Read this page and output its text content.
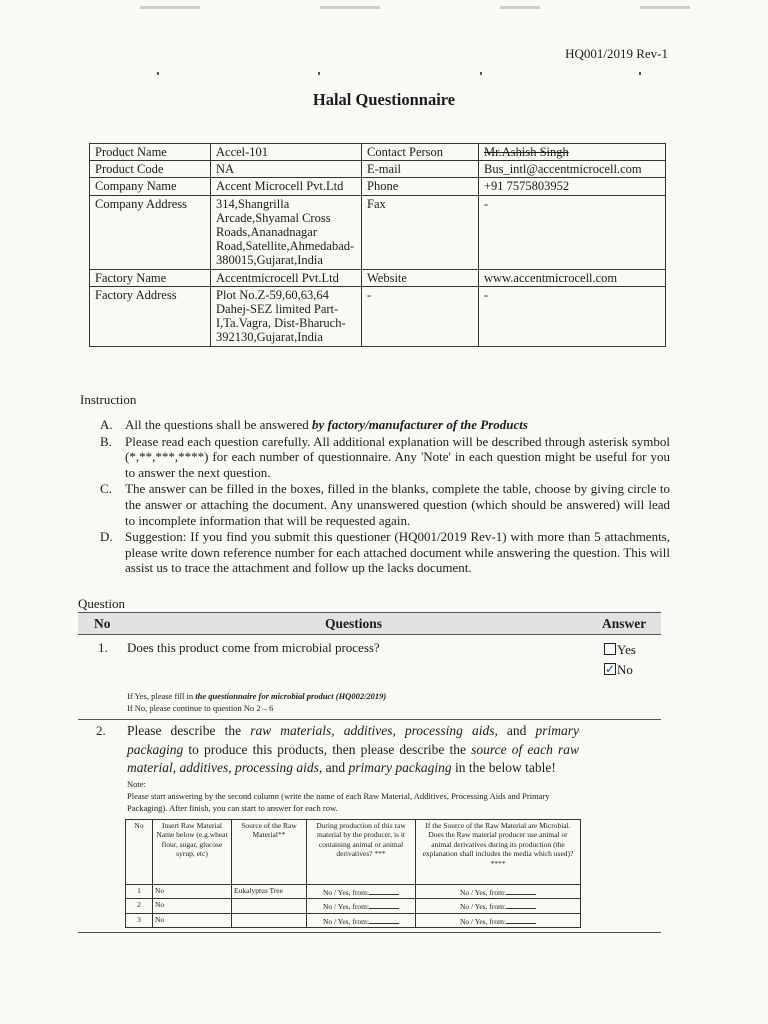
HQ001/2019 Rev-1
Halal Questionnaire
Product Name	Accel-101	Contact Person	Mr.Ashish Singh
Product Code	NA	E-mail	Bus_intl@accentmicrocell.com
Company Name	Accent Microcell Pvt.Ltd	Phone	+91 7575803952
Company Address	314,Shangrilla
Arcade,Shyamal Cross
Roads,Ananadnagar
Road,Satellite,Ahmedabad-
380015,Gujarat,India	Fax	-
Factory Name	Accentmicrocell Pvt.Ltd	Website	www.accentmicrocell.com
Factory Address	Plot No.Z-59,60,63,64
Dahej-SEZ limited Part-
I,Ta.Vagra, Dist-Bharuch-
392130,Gujarat,India	-	-
Instruction
A. All the questions shall be answered by factory/manufacturer of the Products
B. Please read each question carefully. All additional explanation will be described through asterisk symbol (*,**,***,****) for each number of questionnaire. Any 'Note' in each question might be useful for you to answer the next question.
C. The answer can be filled in the boxes, filled in the blanks, complete the table, choose by giving circle to the answer or attaching the document. Any unanswered question (which should be answered) will lead to incomplete information that will be requested again.
D. Suggestion: If you find you submit this questioner (HQ001/2019 Rev-1) with more than 5 attachments, please write down reference number for each attached document while answering the question. This will assist us to trace the attachment and follow up the lacks document.
Question
No	Questions	Answer
1. Does this product come from microbial process?	Yes
✓No
If Yes, please fill in the questionnaire for microbial product (HQ002/2019)
If No, please continue to question No 2 – 6
2. Please describe the raw materials, additives, processing aids, and primary packaging to produce this products, then please describe the source of each raw material, additives, processing aids, and primary packaging in the below table!
Note:
Please start answering by the second column (write the name of each Raw Material, Additives, Processing Aids and Primary Packaging). After finish, you can start to answer for each row.
No	Insert Raw Material Name below (e.g.wheat flour, sugar, glucose syrup, etc)	Source of the Raw Material**	During production of this raw material by the producer, is it containing animal or animal derivatives? ***	If the Source of the Raw Material are Microbial. Does the Raw material producer use animal or animal derivatives during its production (the explanation shall includes the media which used)?****
1	No	Eukalyptus Tree	No / Yes, from:	No / Yes, from:
2	No		No / Yes, from:	No / Yes, from:
3	No		No / Yes, from:	No / Yes, from:
